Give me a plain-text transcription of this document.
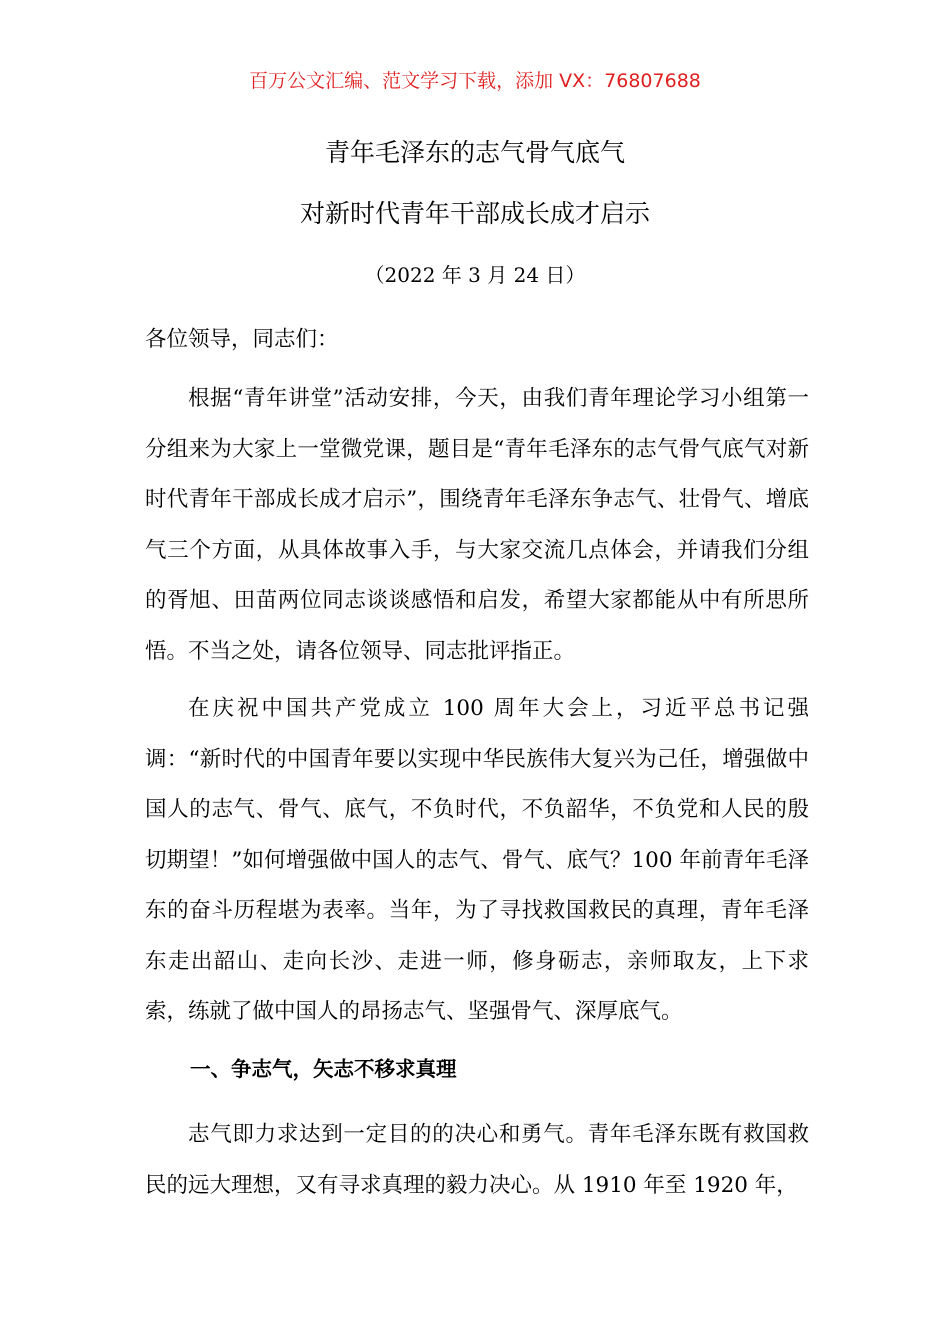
百万公文汇编、范文学习下载，添加 VX：76807688
青年毛泽东的志气骨气底气
对新时代青年干部成长成才启示
（2022 年 3 月 24 日）
各位领导，同志们：

根据“青年讲堂”活动安排，今天，由我们青年理论学习小组第一分组来为大家上一堂微党课，题目是“青年毛泽东的志气骨气底气对新时代青年干部成长成才启示”，围绕青年毛泽东争志气、壮骨气、增底气三个方面，从具体故事入手，与大家交流几点体会，并请我们分组的胥旭、田苗两位同志谈谈感悟和启发，希望大家都能从中有所思所悟。不当之处，请各位领导、同志批评指正。

在庆祝中国共产党成立 100 周年大会上，习近平总书记强调：“新时代的中国青年要以实现中华民族伟大复兴为己任，增强做中国人的志气、骨气、底气，不负时代，不负韶华，不负党和人民的殷切期望！”如何增强做中国人的志气、骨气、底气？100 年前青年毛泽东的奋斗历程堪为表率。当年，为了寻找救国救民的真理，青年毛泽东走出韶山、走向长沙、走进一师，修身砺志，亲师取友，上下求索，练就了做中国人的昂扬志气、坚强骨气、深厚底气。

一、争志气，矢志不移求真理

志气即力求达到一定目的的决心和勇气。青年毛泽东既有救国救民的远大理想，又有寻求真理的毅力决心。从 1910 年至 1920 年，
